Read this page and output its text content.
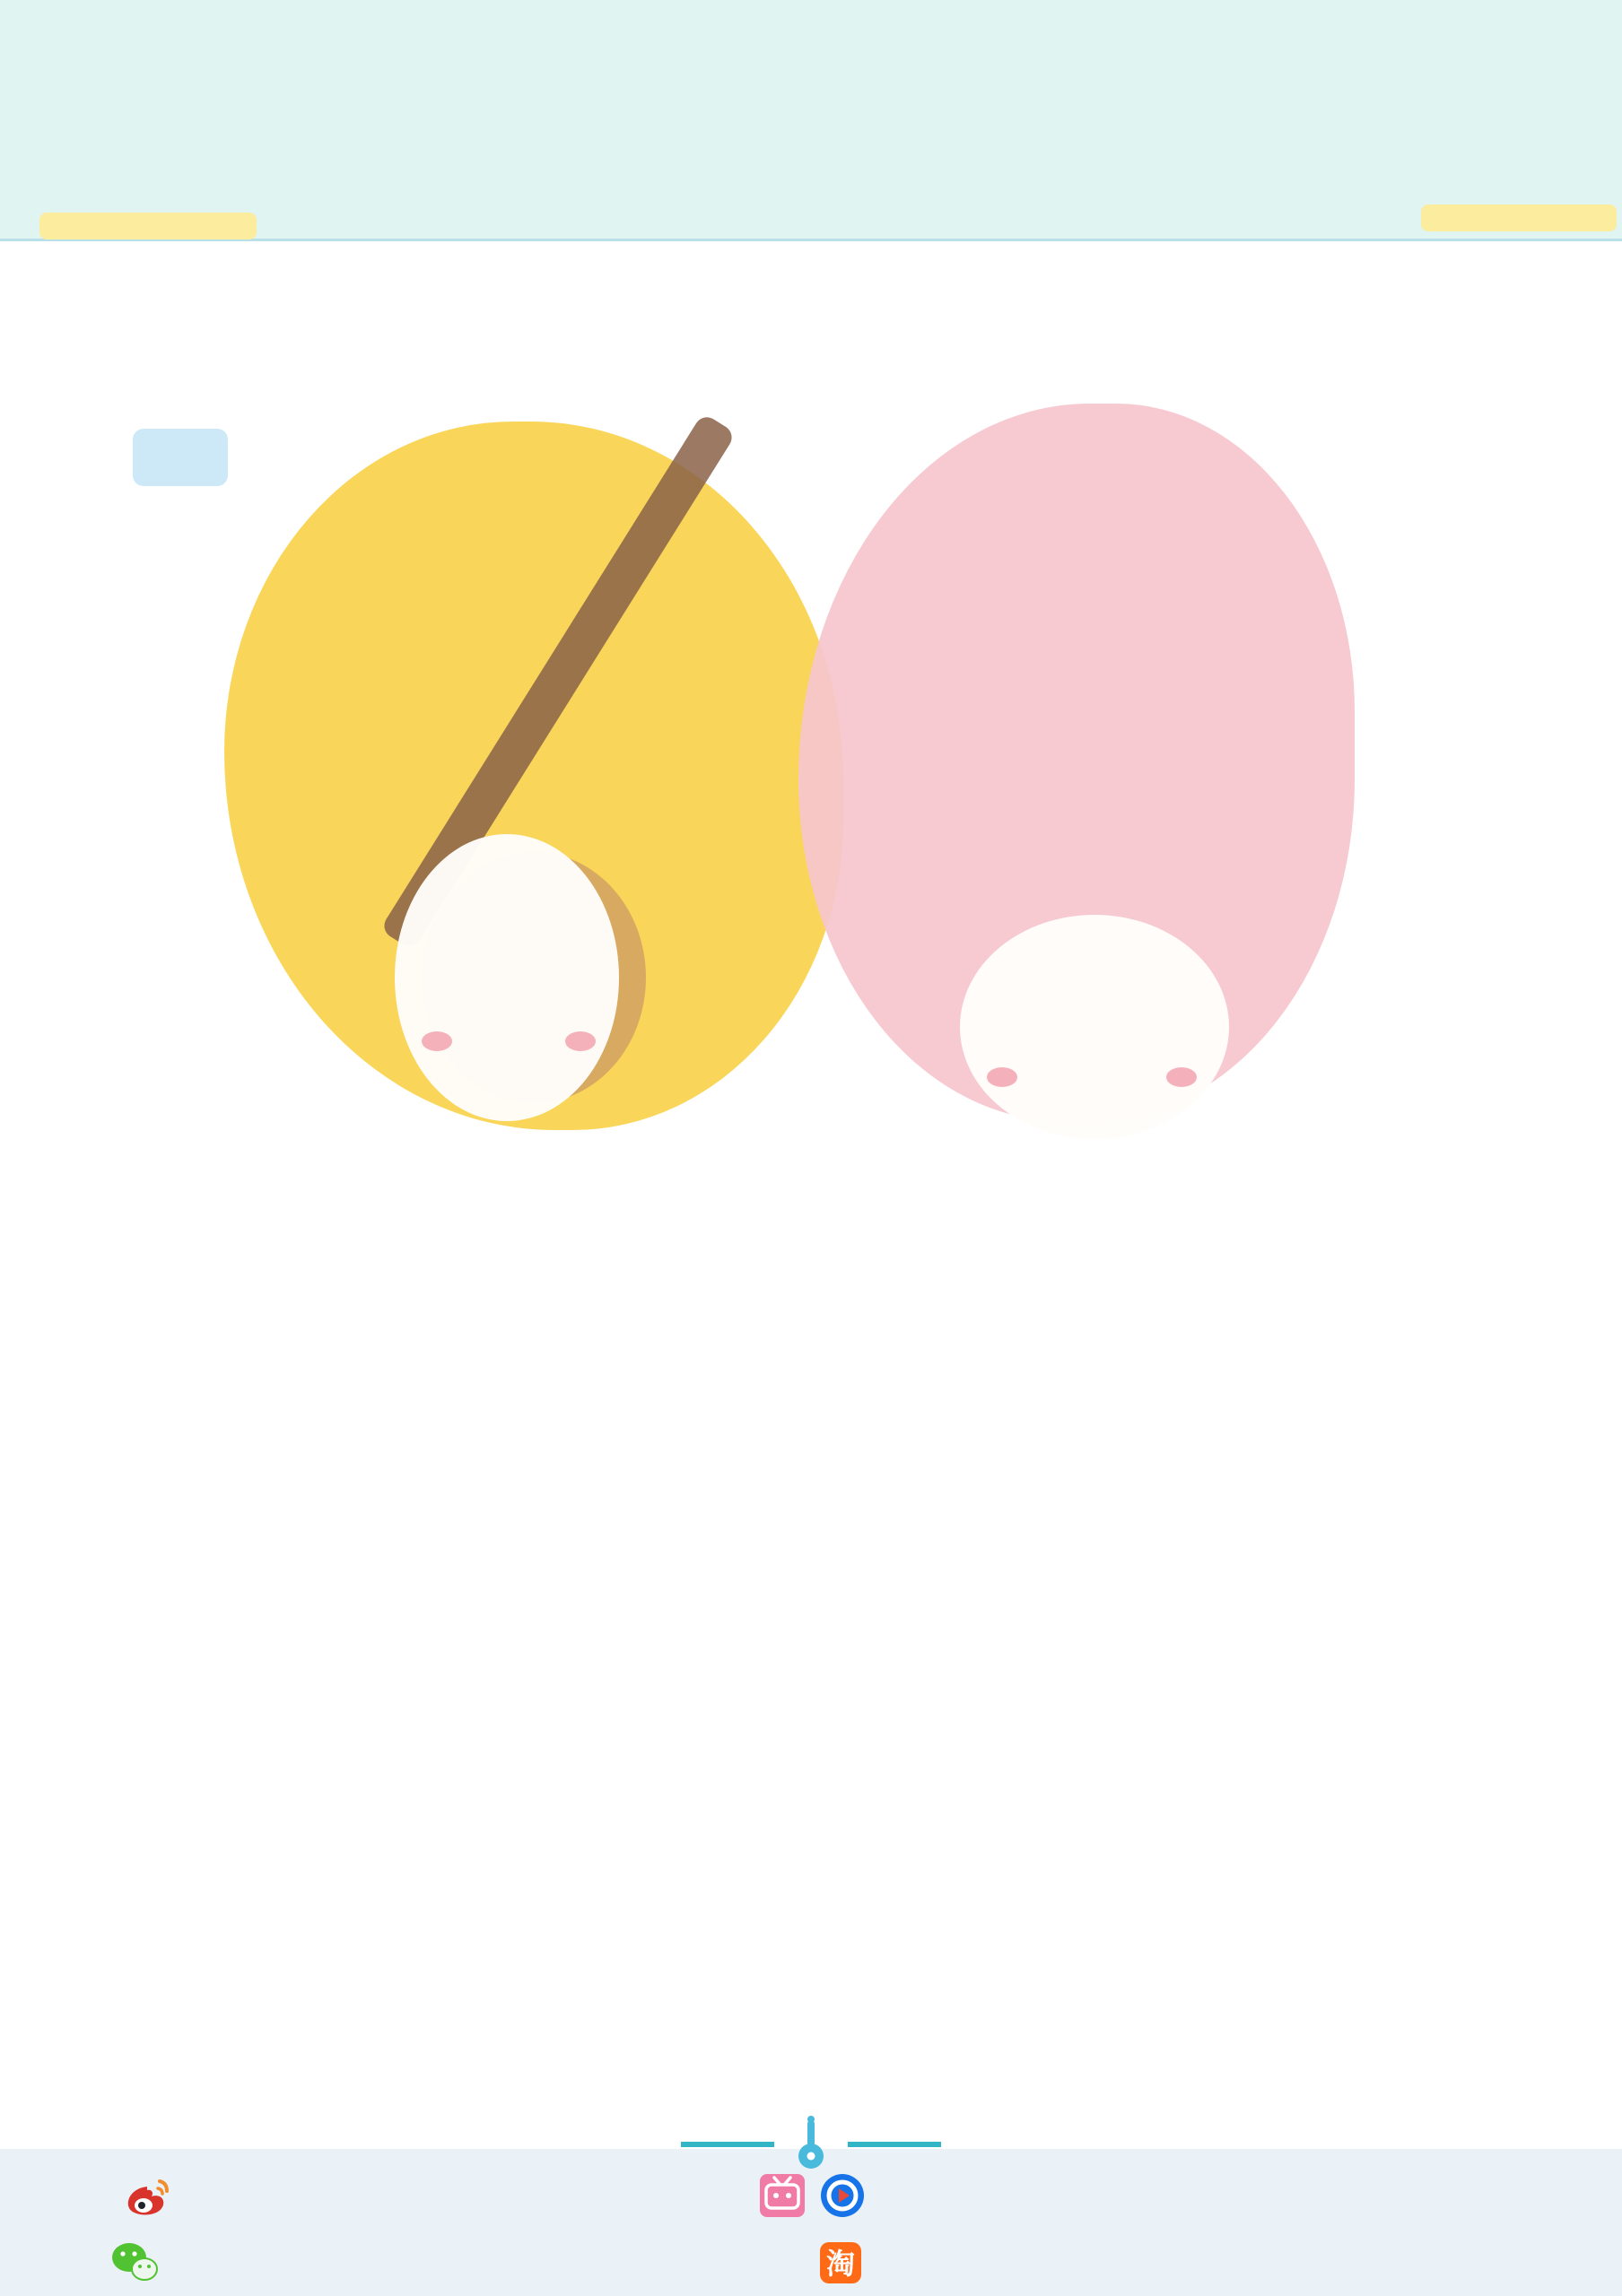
淘
